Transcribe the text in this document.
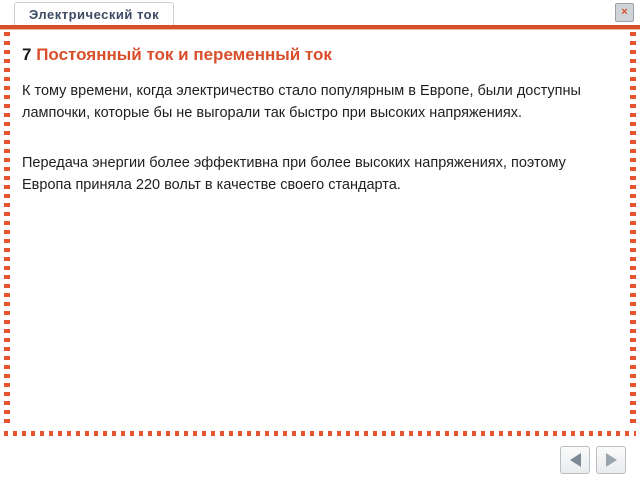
Электрический ток	×
7 Постоянный ток и переменный ток

К тому времени, когда электричество стало популярным в Европе, были доступны лампочки, которые бы не выгорали так быстро при высоких напряжениях.

Передача энергии более эффективна при более высоких напряжениях, поэтому Европа приняла 220 вольт в качестве своего стандарта.
